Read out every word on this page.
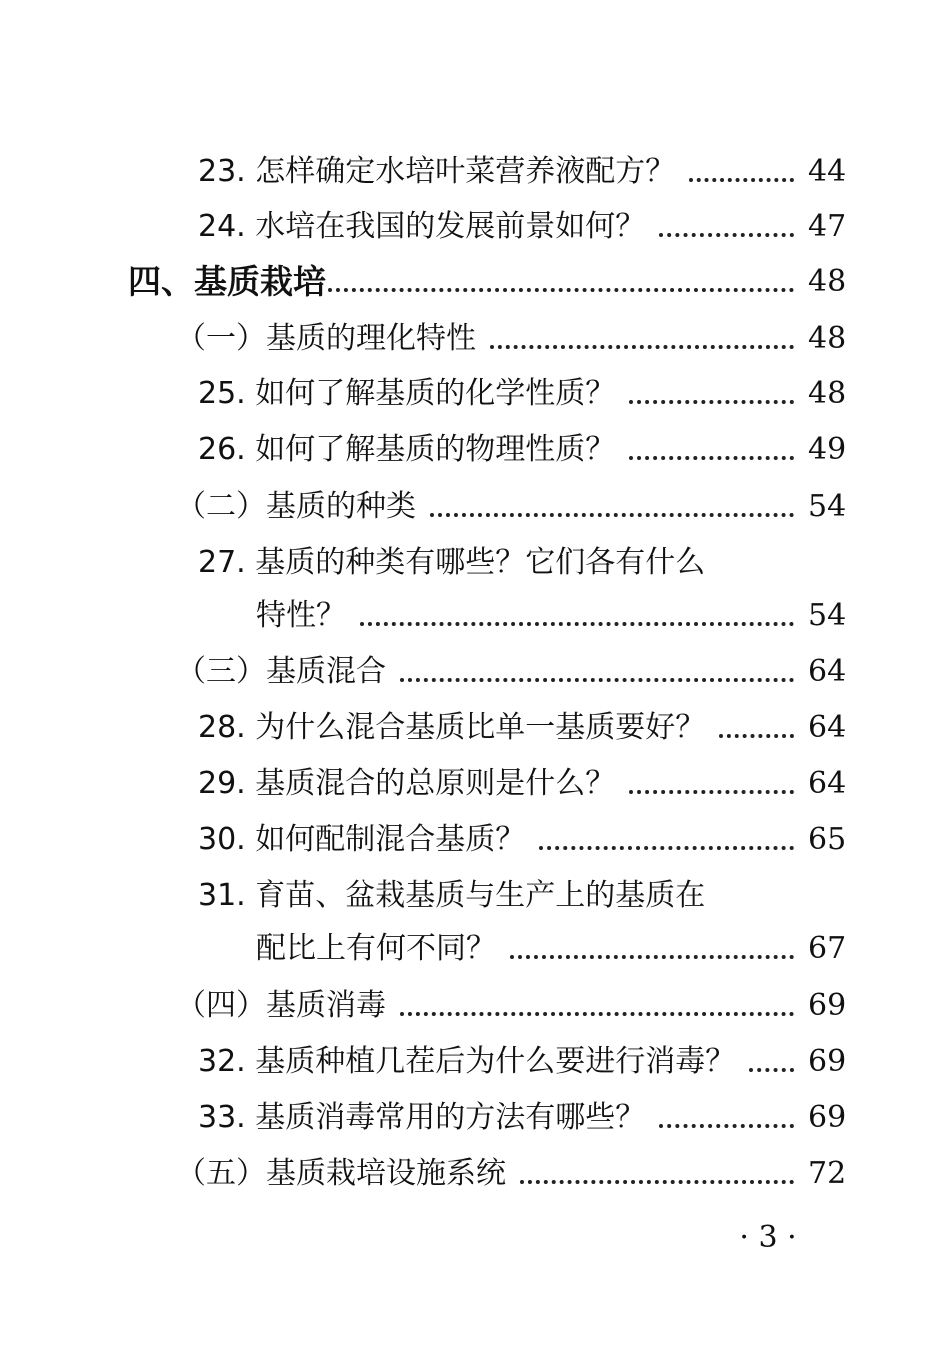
23. 怎样确定水培叶菜营养液配方？	44
24. 水培在我国的发展前景如何？	47
四、基质栽培	48
（一）基质的理化特性	48
25. 如何了解基质的化学性质？	48
26. 如何了解基质的物理性质？	49
（二）基质的种类	54
27. 基质的种类有哪些？它们各有什么
特性？	54
（三）基质混合	64
28. 为什么混合基质比单一基质要好？	64
29. 基质混合的总原则是什么？	64
30. 如何配制混合基质？	65
31. 育苗、盆栽基质与生产上的基质在
配比上有何不同？	67
（四）基质消毒	69
32. 基质种植几茬后为什么要进行消毒？ 69
33. 基质消毒常用的方法有哪些？	69
（五）基质栽培设施系统	72
· 3 ·
